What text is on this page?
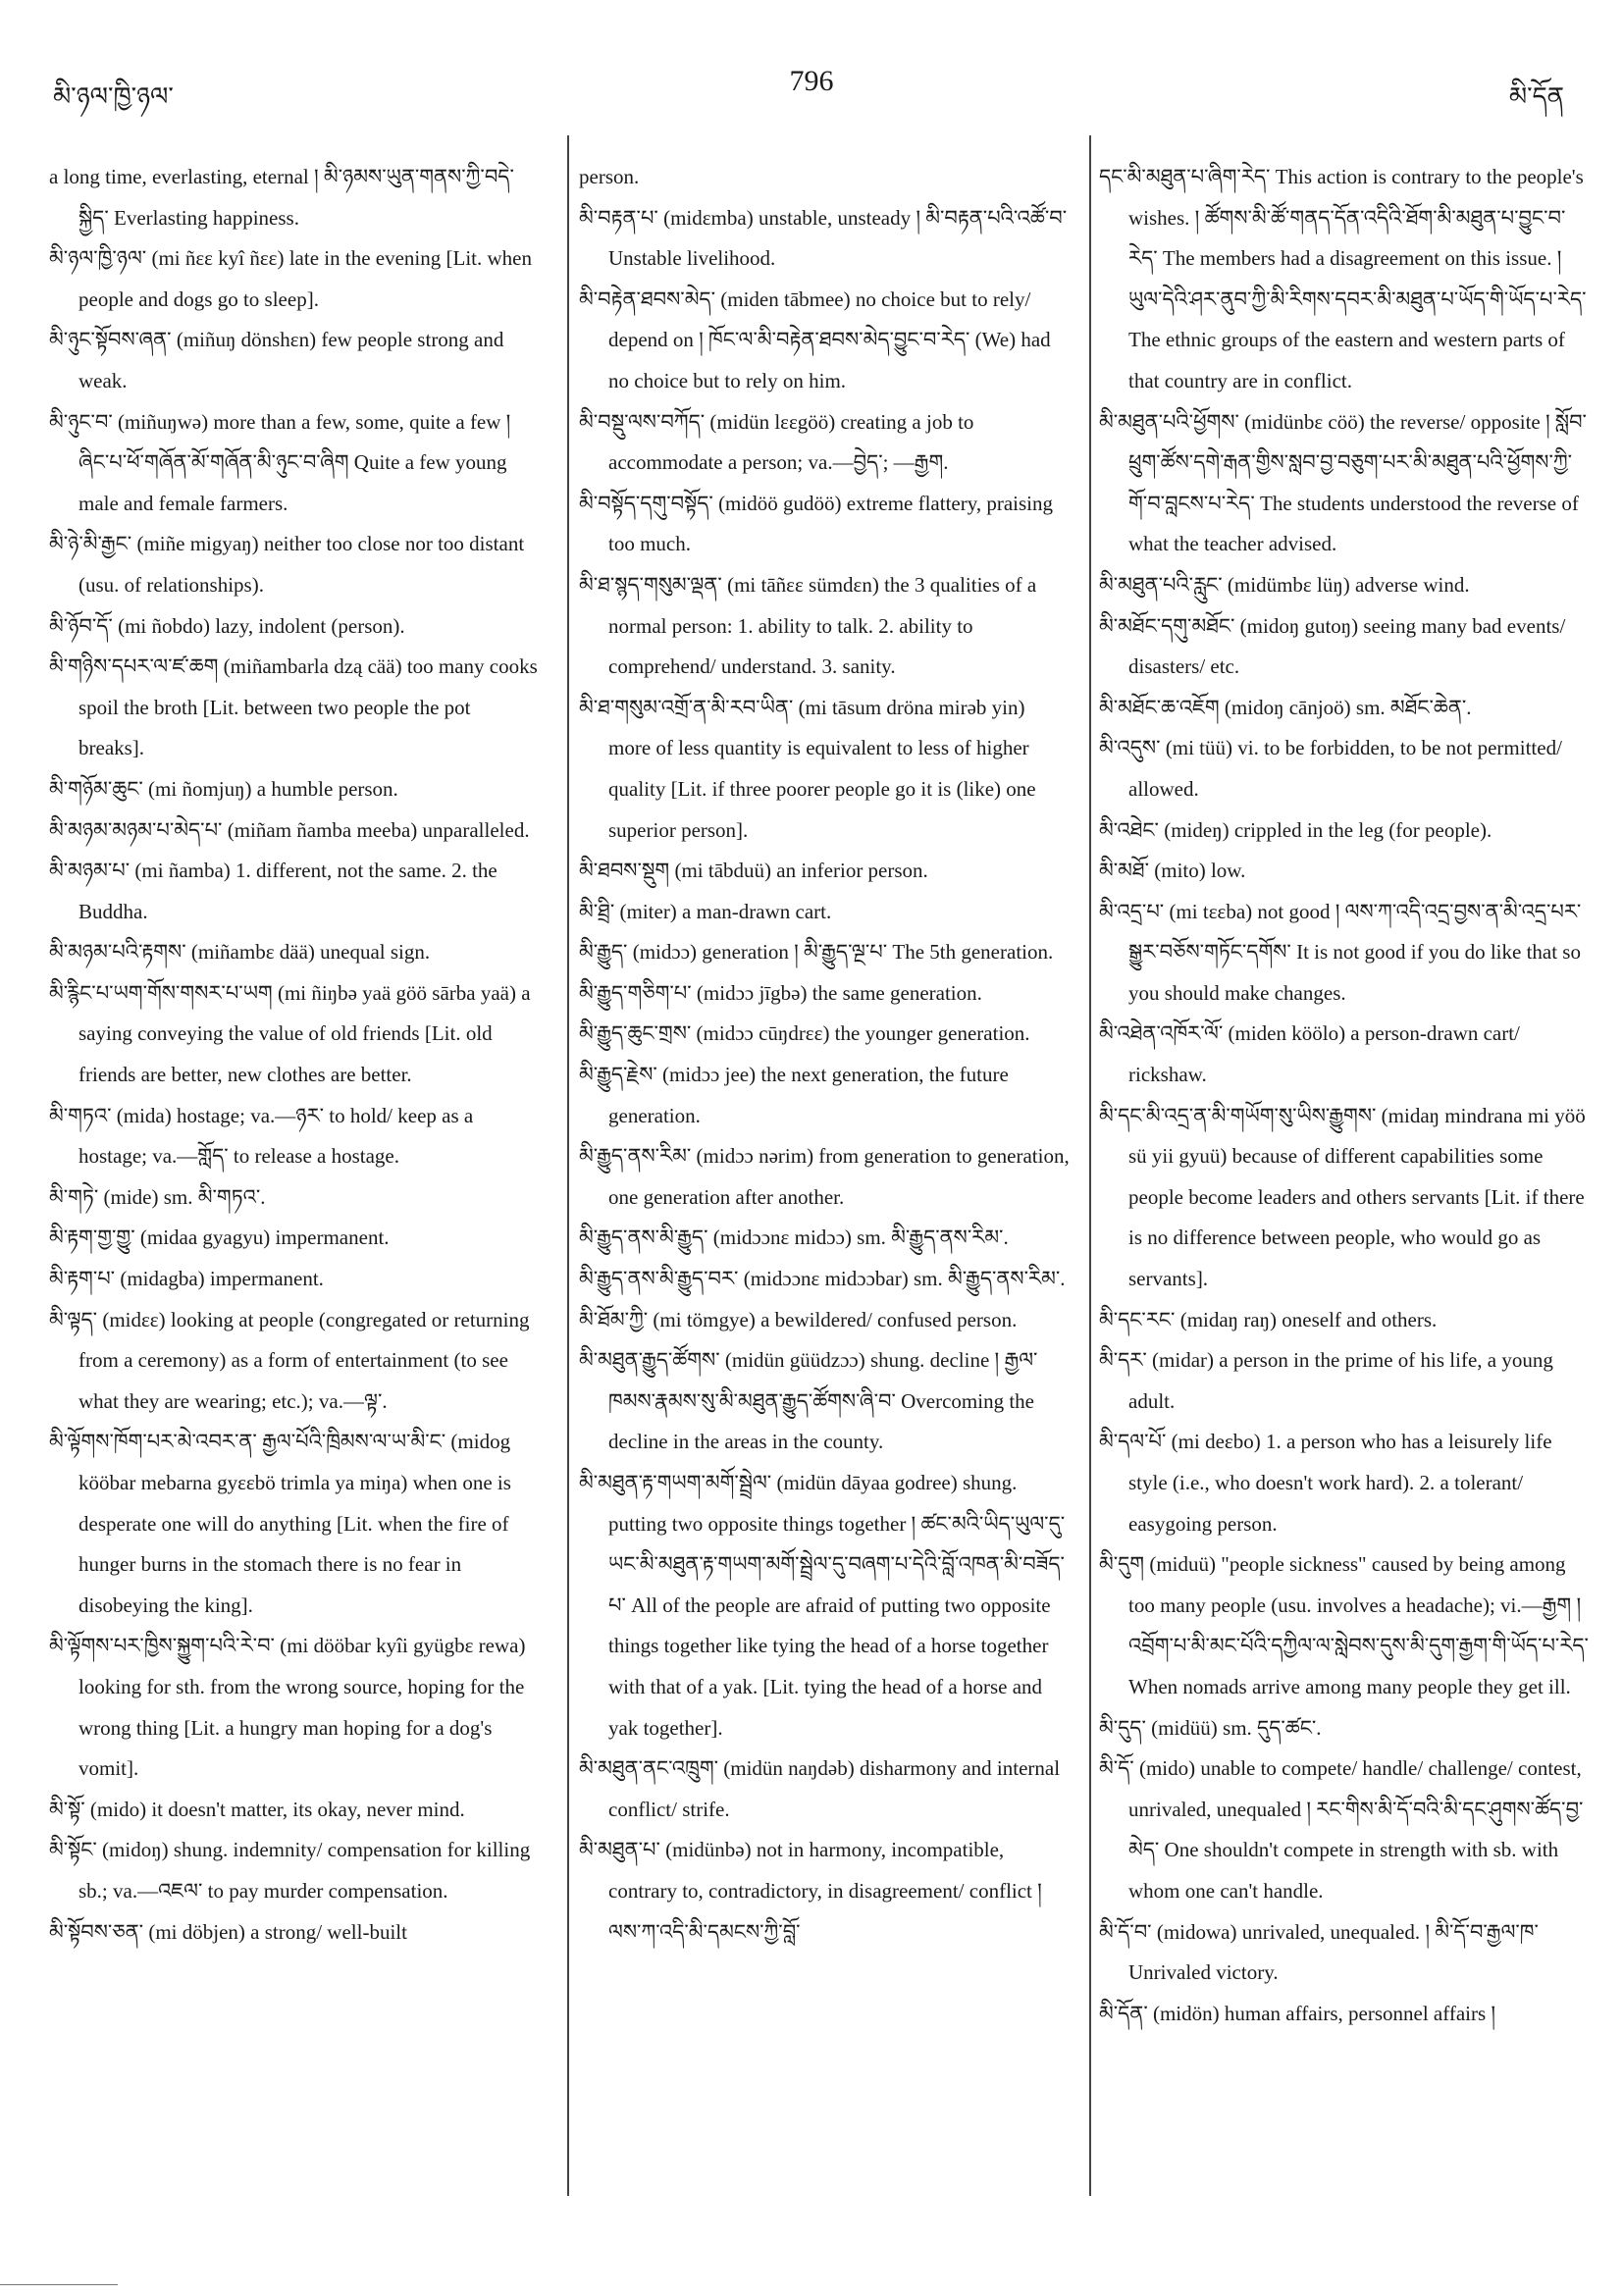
མི་ཉལ་ཁྱི་ཉལ་	796	མི་དོན

a long time, everlasting, eternal ། མི་ཉམས་ཡུན་གནས་ཀྱི་བདེ་སྐྱིད་ Everlasting happiness.

མི་ཉལ་ཁྱི་ཉལ་ (mi ñεε kyî ñεε) late in the evening [Lit. when people and dogs go to sleep].

མི་ཉུང་སྟོབས་ཞན་ (miñuŋ dönshεn) few people strong and weak.

མི་ཉུང་བ་ (miñuŋwə) more than a few, some, quite a few ། ཞིང་པ་ཕོ་གཞོན་མོ་གཞོན་མི་ཉུང་བ་ཞིག Quite a few young male and female farmers.

མི་ཉེ་མི་རྒྱང་ (miñe migyaŋ) neither too close nor too distant (usu. of relationships).

མི་ཉོབ་དོ་ (mi ñobdo) lazy, indolent (person).

མི་གཉིས་དཔར་ལ་ཛ་ཆག (miñambarla dzą cää) too many cooks spoil the broth [Lit. between two people the pot breaks].

མི་གཉོམ་ཆུང་ (mi ñomjuŋ) a humble person.

མི་མཉམ་མཉམ་པ་མེད་པ་ (miñam ñamba meeba) unparalleled.

མི་མཉམ་པ་ (mi ñamba) 1. different, not the same. 2. the Buddha.

མི་མཉམ་པའི་རྟགས་ (miñambε dää) unequal sign.

མི་རྙིང་པ་ཡག་གོས་གསར་པ་ཡག (mi ñiŋbə yaä göö sārba yaä) a saying conveying the value of old friends [Lit. old friends are better, new clothes are better.

མི་གཏའ་ (mida) hostage; va.—ཉར་ to hold/ keep as a hostage; va.—གློད་ to release a hostage.

མི་གཏེ་ (mide) sm. མི་གཏའ་.

མི་རྟག་གྱ་གྱུ་ (midaa gyagyu) impermanent.

མི་རྟག་པ་ (midagba) impermanent.

མི་ལྟད་ (midεε) looking at people (congregated or returning from a ceremony) as a form of entertainment (to see what they are wearing; etc.); va.—ལྟ་.

མི་ལྟོགས་ཁོག་པར་མེ་འབར་ན་ རྒྱལ་པོའི་ཁྲིམས་ལ་ཡ་མི་ང་ (midog kööbar mebarna gyεεbö trimla ya miŋa) when one is desperate one will do anything [Lit. when the fire of hunger burns in the stomach there is no fear in disobeying the king].

མི་ལྟོགས་པར་ཁྱིས་སྐྱུག་པའི་རེ་བ་ (mi dööbar kyîi gyügbε rewa) looking for sth. from the wrong source, hoping for the wrong thing [Lit. a hungry man hoping for a dog's vomit].

མི་སྟོ་ (mido) it doesn't matter, its okay, never mind.

མི་སྟོང་ (midoŋ) shung. indemnity/ compensation for killing sb.; va.—འཇལ་ to pay murder compensation.

མི་སྟོབས་ཅན་ (mi döbjen) a strong/ well-built

person.

མི་བརྟན་པ་ (midεmba) unstable, unsteady ། མི་བརྟན་པའི་འཚོ་བ་ Unstable livelihood.

མི་བརྟེན་ཐབས་མེད་ (miden tābmee) no choice but to rely/ depend on ། ཁོང་ལ་མི་བརྟེན་ཐབས་མེད་བྱུང་བ་རེད་ (We) had no choice but to rely on him.

མི་བསྡུ་ལས་བཀོད་ (midün lεεgöö) creating a job to accommodate a person; va.—བྱེད་; —རྒྱག.

མི་བསྟོད་དགུ་བསྟོད་ (midöö gudöö) extreme flattery, praising too much.

མི་ཐ་སྙད་གསུམ་ལྡན་ (mi tāñεε sümdεn) the 3 qualities of a normal person: 1. ability to talk. 2. ability to comprehend/ understand. 3. sanity.

མི་ཐ་གསུམ་འགྲོ་ན་མི་རབ་ཡིན་ (mi tāsum dröna mirəb yin) more of less quantity is equivalent to less of higher quality [Lit. if three poorer people go it is (like) one superior person].

མི་ཐབས་སྡུག (mi tābduü) an inferior person.

མི་ཐྲི་ (miter) a man-drawn cart.

མི་རྒྱུད་ (midɔɔ) generation ། མི་རྒྱུད་ལྔ་པ་ The 5th generation.

མི་རྒྱུད་གཅིག་པ་ (midɔɔ jīgbə) the same generation.

མི་རྒྱུད་ཆུང་གྲས་ (midɔɔ cūŋdrεε) the younger generation.

མི་རྒྱུད་རྗེས་ (midɔɔ jee) the next generation, the future generation.

མི་རྒྱུད་ནས་རིམ་ (midɔɔ nərim) from generation to generation, one generation after another.

མི་རྒྱུད་ནས་མི་རྒྱུད་ (midɔɔnε midɔɔ) sm. མི་རྒྱུད་ནས་རིམ་.

མི་རྒྱུད་ནས་མི་རྒྱུད་བར་ (midɔɔnε midɔɔbar) sm. མི་རྒྱུད་ནས་རིམ་.

མི་ཐོམ་ཀྱི་ (mi tömgye) a bewildered/ confused person.

མི་མཐུན་རྒྱུད་ཚོགས་ (midün güüdzɔɔ) shung. decline ། རྒྱལ་ཁམས་རྣམས་སུ་མི་མཐུན་རྒྱུད་ཚོགས་ཞི་བ་ Overcoming the decline in the areas in the county.

མི་མཐུན་རྟ་གཡག་མགོ་སྦྲེལ་ (midün dāyaa godree) shung. putting two opposite things together ། ཚང་མའི་ཡིད་ཡུལ་དུ་ཡང་མི་མཐུན་རྟ་གཡག་མགོ་སྦྲེལ་དུ་བཞག་པ་དེའི་བློ་འཁན་མི་བཟོད་པ་ All of the people are afraid of putting two opposite things together like tying the head of a horse together with that of a yak. [Lit. tying the head of a horse and yak together].

མི་མཐུན་ནང་འཁྲུག་ (midün naŋdəb) disharmony and internal conflict/ strife.

མི་མཐུན་པ་ (midünbə) not in harmony, incompatible, contrary to, contradictory, in disagreement/ conflict ། ལས་ཀ་འདི་མི་དམངས་ཀྱི་བློ་

དང་མི་མཐུན་པ་ཞིག་རེད་ This action is contrary to the people's wishes. ། ཚོགས་མི་ཚོ་གནད་དོན་འདིའི་ཐོག་མི་མཐུན་པ་བྱུང་བ་རེད་ The members had a disagreement on this issue. ། ཡུལ་དེའི་ཤར་ནུབ་ཀྱི་མི་རིགས་དབར་མི་མཐུན་པ་ཡོད་གི་ཡོད་པ་རེད་ The ethnic groups of the eastern and western parts of that country are in conflict.

མི་མཐུན་པའི་ཕྱོགས་ (midünbε cöö) the reverse/ opposite ། སློབ་ཕྲུག་ཚོས་དགེ་རྒན་གྱིས་སླབ་བྱ་བཅུག་པར་མི་མཐུན་པའི་ཕྱོགས་ཀྱི་གོ་བ་བླངས་པ་རེད་ The students understood the reverse of what the teacher advised.

མི་མཐུན་པའི་རླུང་ (midümbε lüŋ) adverse wind.

མི་མཐོང་དགུ་མཐོང་ (midoŋ gutoŋ) seeing many bad events/ disasters/ etc.

མི་མཐོང་ཆ་འཇོག (midoŋ cānjoö) sm. མཐོང་ཆེན་.

མི་འདུས་ (mi tüü) vi. to be forbidden, to be not permitted/ allowed.

མི་འཐེང་ (mideŋ) crippled in the leg (for people).

མི་མཐོ་ (mito) low.

མི་འདྲ་པ་ (mi tεεba) not good ། ལས་ཀ་འདི་འདྲ་བྱས་ན་མི་འདྲ་པར་སྒྱུར་བཅོས་གཏོང་དགོས་ It is not good if you do like that so you should make changes.

མི་འཐེན་འཁོར་ལོ་ (miden köölo) a person-drawn cart/ rickshaw.

མི་དང་མི་འདྲ་ན་མི་གཡོག་སུ་ཡིས་རྒྱུགས་ (midaŋ mindrana mi yöö sü yii gyuü) because of different capabilities some people become leaders and others servants [Lit. if there is no difference between people, who would go as servants].

མི་དང་རང་ (midaŋ raŋ) oneself and others.

མི་དར་ (midar) a person in the prime of his life, a young adult.

མི་དལ་པོ་ (mi deεbo) 1. a person who has a leisurely life style (i.e., who doesn't work hard). 2. a tolerant/ easygoing person.

མི་དུག (miduü) "people sickness" caused by being among too many people (usu. involves a headache); vi.—རྒྱག ། འབྲོག་པ་མི་མང་པོའི་དཀྱིལ་ལ་སླེབས་དུས་མི་དུག་རྒྱག་གི་ཡོད་པ་རེད་ When nomads arrive among many people they get ill.

མི་དུད་ (midüü) sm. དུད་ཚང་.

མི་དོ་ (mido) unable to compete/ handle/ challenge/ contest, unrivaled, unequaled ། རང་གིས་མི་དོ་བའི་མི་དང་ཤུགས་ཚོད་བྱ་མེད་ One shouldn't compete in strength with sb. with whom one can't handle.

མི་དོ་བ་ (midowa) unrivaled, unequaled. ། མི་དོ་བ་རྒྱལ་ཁ་ Unrivaled victory.

མི་དོན་ (midön) human affairs, personnel affairs །
